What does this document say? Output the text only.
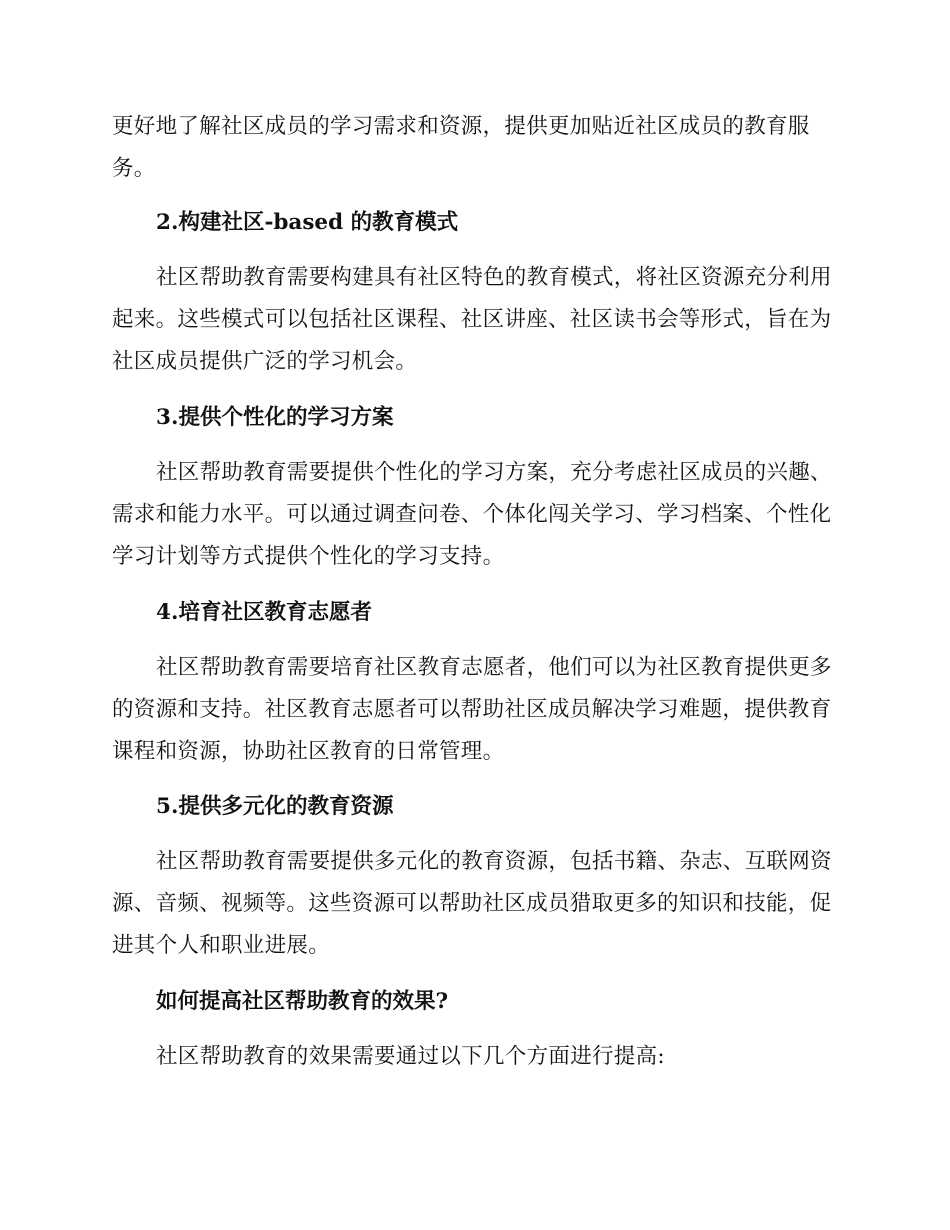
更好地了解社区成员的学习需求和资源，提供更加贴近社区成员的教育服
务。
2.构建社区-based 的教育模式
社区帮助教育需要构建具有社区特色的教育模式，将社区资源充分利用
起来。这些模式可以包括社区课程、社区讲座、社区读书会等形式，旨在为
社区成员提供广泛的学习机会。
3.提供个性化的学习方案
社区帮助教育需要提供个性化的学习方案，充分考虑社区成员的兴趣、
需求和能力水平。可以通过调查问卷、个体化闯关学习、学习档案、个性化
学习计划等方式提供个性化的学习支持。
4.培育社区教育志愿者
社区帮助教育需要培育社区教育志愿者，他们可以为社区教育提供更多
的资源和支持。社区教育志愿者可以帮助社区成员解决学习难题，提供教育
课程和资源，协助社区教育的日常管理。
5.提供多元化的教育资源
社区帮助教育需要提供多元化的教育资源，包括书籍、杂志、互联网资
源、音频、视频等。这些资源可以帮助社区成员猎取更多的知识和技能，促
进其个人和职业进展。
如何提高社区帮助教育的效果?
社区帮助教育的效果需要通过以下几个方面进行提高:
